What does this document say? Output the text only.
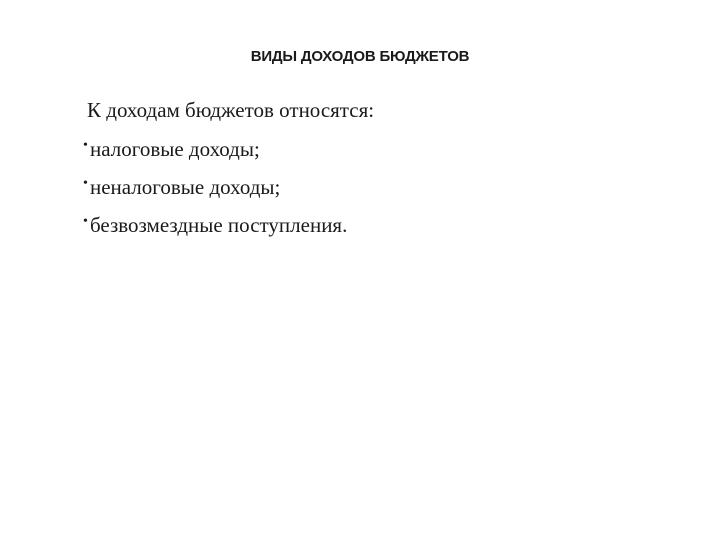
ВИДЫ ДОХОДОВ БЮДЖЕТОВ

К доходам бюджетов относятся:

• налоговые доходы;
• неналоговые доходы;
• безвозмездные поступления.
